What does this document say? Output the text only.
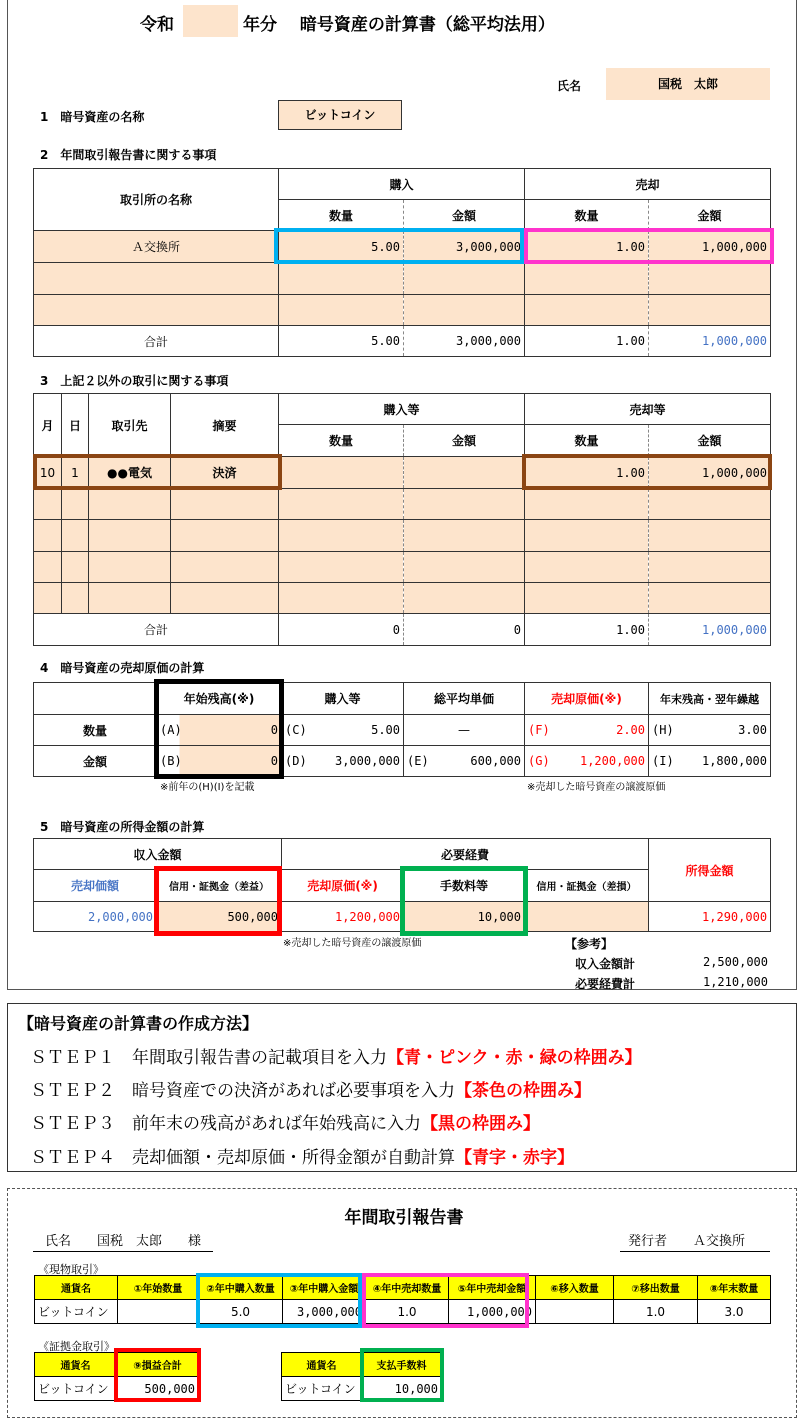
令和	年分　 暗号資産の計算書（総平均法用）
氏名	国税　太郎
1　暗号資産の名称	ビットコイン
2　年間取引報告書に関する事項
取引所の名称	購入		売却	
	数量	金額	数量	金額
Ａ交換所	5.00	3,000,000	1.00	1,000,000

合計	5.00	3,000,000	1.00	1,000,000
3　上記２以外の取引に関する事項
月	日	取引先	摘要	購入等		売却等	
				数量	金額	数量	金額
10	1	●●電気	決済			1.00	1,000,000

合計				0	0	1.00	1,000,000
4　暗号資産の売却原価の計算
	年始残高(※)	購入等	総平均単価	売却原価(※)	年末残高・翌年繰越
数量	(A) 0	(C) 5.00	—	(F) 2.00	(H) 3.00
金額	(B) 0	(D) 3,000,000	(E) 600,000	(G) 1,200,000	(I) 1,800,000
※前年の(H)(I)を記載	※売却した暗号資産の譲渡原価
5　暗号資産の所得金額の計算
収入金額		必要経費			所得金額
売却価額	信用・証拠金（差益）	売却原価(※)	手数料等	信用・証拠金（差損）	
2,000,000	500,000	1,200,000	10,000		1,290,000
※売却した暗号資産の譲渡原価	【参考】
収入金額計	2,500,000
必要経費計	1,210,000
【暗号資産の計算書の作成方法】
ＳＴＥＰ１　年間取引報告書の記載項目を入力【青・ピンク・赤・緑の枠囲み】
ＳＴＥＰ２　暗号資産での決済があれば必要事項を入力【茶色の枠囲み】
ＳＴＥＰ３　前年末の残高があれば年始残高に入力【黒の枠囲み】
ＳＴＥＰ４　売却価額・売却原価・所得金額が自動計算【青字・赤字】
年間取引報告書
氏名　　国税　太郎　　様	発行者　　Ａ交換所
《現物取引》
通貨名	①年始数量	②年中購入数量	③年中購入金額	④年中売却数量	⑤年中売却金額	⑥移入数量	⑦移出数量	⑧年末数量
ビットコイン		5.0	3,000,000	1.0	1,000,000		1.0	3.0
《証拠金取引》
通貨名	⑨損益合計
ビットコイン	500,000
通貨名	支払手数料
ビットコイン	10,000
